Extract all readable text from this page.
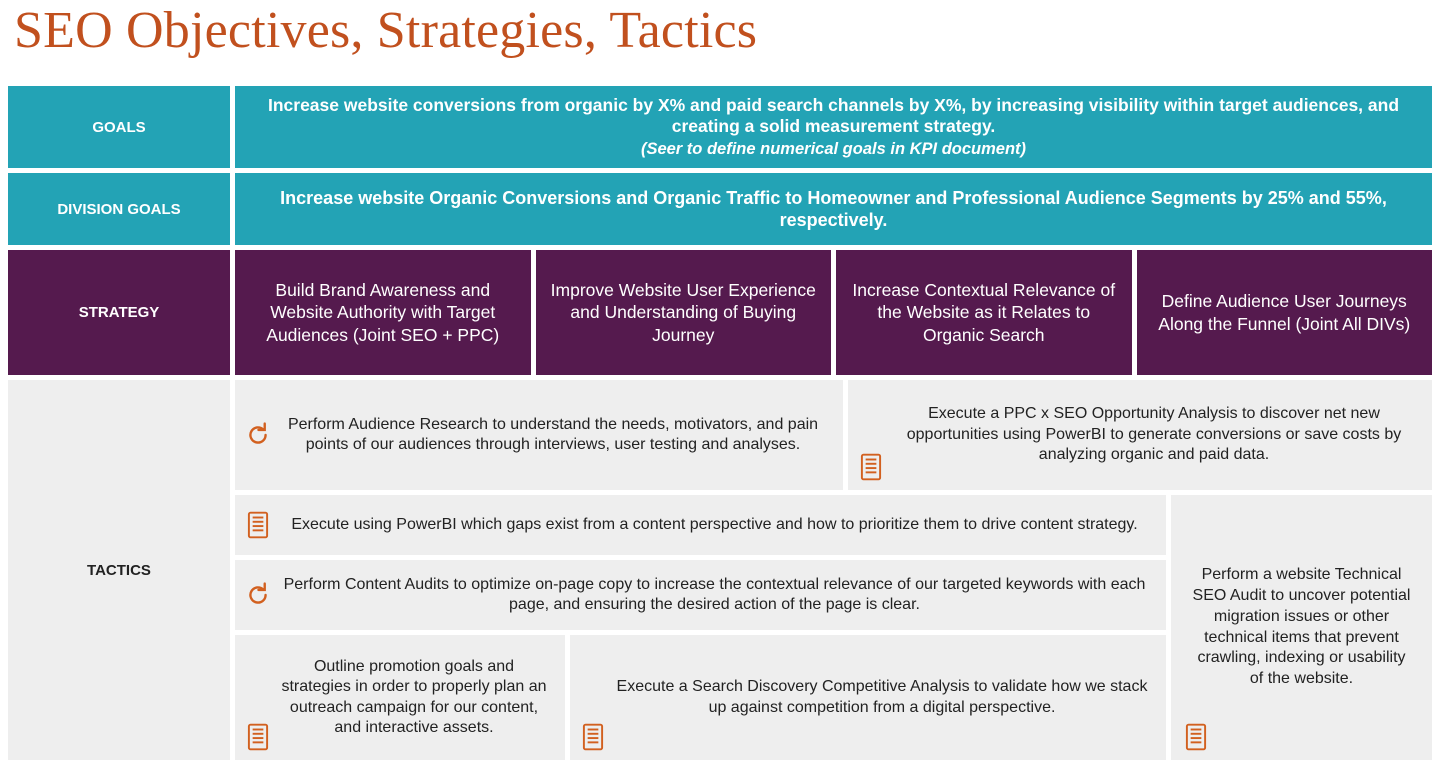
SEO Objectives, Strategies, Tactics
GOALS
Increase website conversions from organic by X% and paid search channels by X%, by increasing visibility within target audiences, and creating a solid measurement strategy.
(Seer to define numerical goals in KPI document)
DIVISION GOALS
Increase website Organic Conversions and Organic Traffic to Homeowner and Professional Audience Segments by 25% and 55%, respectively.
STRATEGY
Build Brand Awareness and Website Authority with Target Audiences (Joint SEO + PPC)
Improve Website User Experience and Understanding of Buying Journey
Increase Contextual Relevance of the Website as it Relates to Organic Search
Define Audience User Journeys Along the Funnel (Joint All DIVs)
TACTICS
Perform Audience Research to understand the needs, motivators, and pain points of our audiences through interviews, user testing and analyses.
Execute a PPC x SEO Opportunity Analysis to discover net new opportunities using PowerBI to generate conversions or save costs by analyzing organic and paid data.
Execute using PowerBI which gaps exist from a content perspective and how to prioritize them to drive content strategy.
Perform Content Audits to optimize on-page copy to increase the contextual relevance of our targeted keywords with each page, and ensuring the desired action of the page is clear.
Outline promotion goals and strategies in order to properly plan an outreach campaign for our content, and interactive assets.
Execute a Search Discovery Competitive Analysis to validate how we stack up against competition from a digital perspective.
Perform a website Technical SEO Audit to uncover potential migration issues or other technical items that prevent crawling, indexing or usability of the website.
